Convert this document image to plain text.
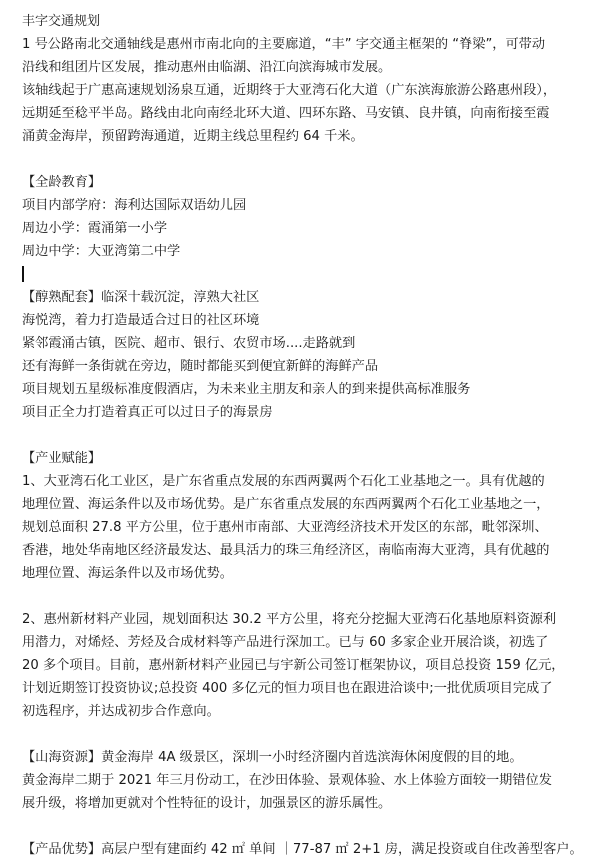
丰字交通规划
1 号公路南北交通轴线是惠州市南北向的主要廊道，“丰” 字交通主框架的 “脊梁”，可带动
沿线和组团片区发展，推动惠州由临湖、沿江向滨海城市发展。
该轴线起于广惠高速规划汤泉互通，近期终于大亚湾石化大道（广东滨海旅游公路惠州段），
远期延至稔平半岛。路线由北向南经北环大道、四环东路、马安镇、良井镇，向南衔接至霞
涌黄金海岸，预留跨海通道，近期主线总里程约 64 千米。
【全龄教育】
项目内部学府：海利达国际双语幼儿园
周边小学：霞涌第一小学
周边中学：大亚湾第二中学
【醇熟配套】临深十载沉淀，淳熟大社区
海悦湾，着力打造最适合过日的社区环境
紧邻霞涌古镇，医院、超市、银行、农贸市场....走路就到
还有海鲜一条街就在旁边，随时都能买到便宜新鲜的海鲜产品
项目规划五星级标准度假酒店，为未来业主朋友和亲人的到来提供高标准服务
项目正全力打造着真正可以过日子的海景房
【产业赋能】
1、大亚湾石化工业区，是广东省重点发展的东西两翼两个石化工业基地之一。具有优越的
地理位置、海运条件以及市场优势。是广东省重点发展的东西两翼两个石化工业基地之一，
规划总面积 27.8 平方公里，位于惠州市南部、大亚湾经济技术开发区的东部，毗邻深圳、
香港，地处华南地区经济最发达、最具活力的珠三角经济区，南临南海大亚湾，具有优越的
地理位置、海运条件以及市场优势。
2、惠州新材料产业园，规划面积达 30.2 平方公里，将充分挖掘大亚湾石化基地原料资源利
用潜力，对烯烃、芳烃及合成材料等产品进行深加工。已与 60 多家企业开展洽谈，初选了
20 多个项目。目前，惠州新材料产业园已与宇新公司签订框架协议，项目总投资 159 亿元，
计划近期签订投资协议;总投资 400 多亿元的恒力项目也在跟进洽谈中;一批优质项目完成了
初选程序，并达成初步合作意向。
【山海资源】黄金海岸 4A 级景区，深圳一小时经济圈内首选滨海休闲度假的目的地。
黄金海岸二期于 2021 年三月份动工，在沙田体验、景观体验、水上体验方面较一期错位发
展升级，将增加更就对个性特征的设计，加强景区的游乐属性。
【产品优势】高层户型有建面约 42 ㎡ 单间 ｜77-87 ㎡ 2+1 房，满足投资或自住改善型客户。
